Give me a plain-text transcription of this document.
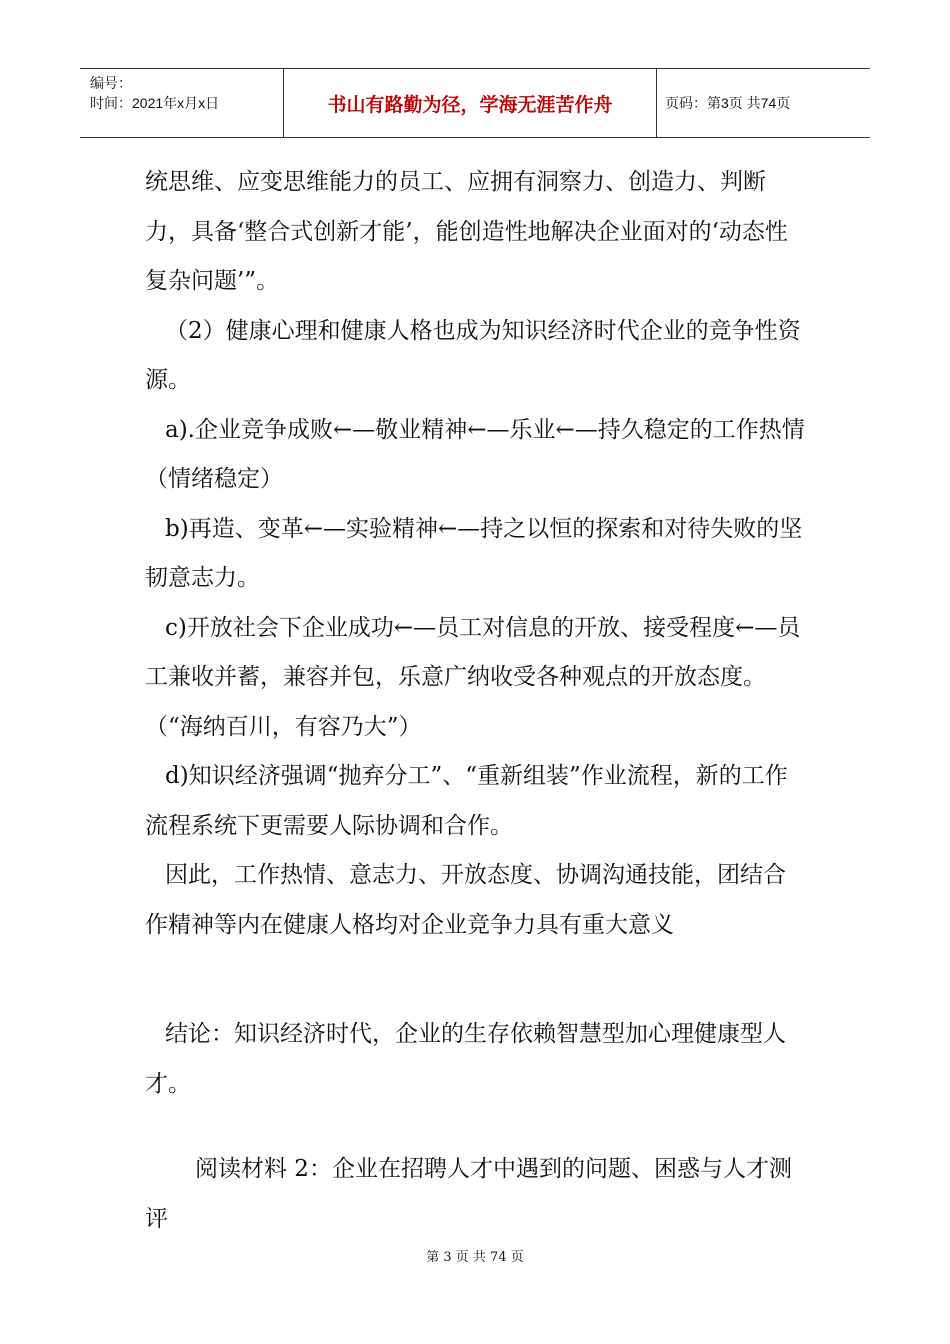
编号：
时间：2021年x月x日	书山有路勤为径，学海无涯苦作舟	页码：第3页 共74页

统思维、应变思维能力的员工、应拥有洞察力、创造力、判断力，具备‘整合式创新才能’，能创造性地解决企业面对的‘动态性复杂问题’”。

（2）健康心理和健康人格也成为知识经济时代企业的竞争性资源。

a).企业竞争成败←—敬业精神←—乐业←—持久稳定的工作热情（情绪稳定）

b)再造、变革←—实验精神←—持之以恒的探索和对待失败的坚韧意志力。

c)开放社会下企业成功←—员工对信息的开放、接受程度←—员工兼收并蓄，兼容并包，乐意广纳收受各种观点的开放态度。（“海纳百川，有容乃大”）

d)知识经济强调“抛弃分工”、“重新组装”作业流程，新的工作流程系统下更需要人际协调和合作。

因此，工作热情、意志力、开放态度、协调沟通技能，团结合作精神等内在健康人格均对企业竞争力具有重大意义

结论：知识经济时代，企业的生存依赖智慧型加心理健康型人才。

阅读材料 2：企业在招聘人才中遇到的问题、困惑与人才测评

第 3 页 共 74 页
